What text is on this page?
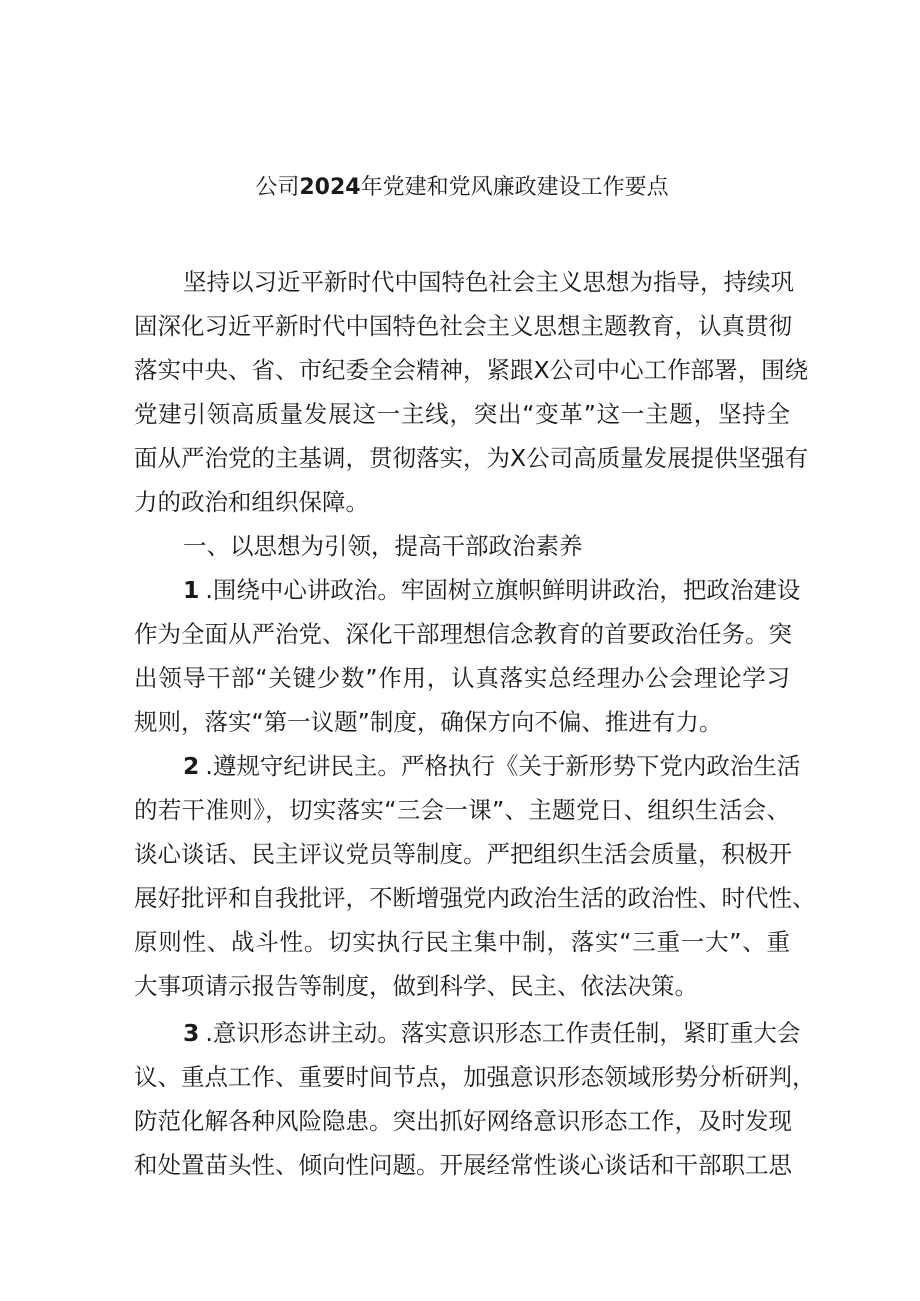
公司2024年党建和党风廉政建设工作要点
坚持以习近平新时代中国特色社会主义思想为指导，持续巩
固深化习近平新时代中国特色社会主义思想主题教育，认真贯彻
落实中央、省、市纪委全会精神，紧跟X公司中心工作部署，围绕
党建引领高质量发展这一主线，突出“变革”这一主题，坚持全
面从严治党的主基调，贯彻落实，为X公司高质量发展提供坚强有
力的政治和组织保障。
一、以思想为引领，提高干部政治素养
1 .围绕中心讲政治。牢固树立旗帜鲜明讲政治，把政治建设
作为全面从严治党、深化干部理想信念教育的首要政治任务。突
出领导干部“关键少数”作用，认真落实总经理办公会理论学习
规则，落实“第一议题”制度，确保方向不偏、推进有力。
2 .遵规守纪讲民主。严格执行《关于新形势下党内政治生活
的若干准则》，切实落实“三会一课”、主题党日、组织生活会、
谈心谈话、民主评议党员等制度。严把组织生活会质量，积极开
展好批评和自我批评，不断增强党内政治生活的政治性、时代性、
原则性、战斗性。切实执行民主集中制，落实“三重一大”、重
大事项请示报告等制度，做到科学、民主、依法决策。
3 .意识形态讲主动。落实意识形态工作责任制，紧盯重大会
议、重点工作、重要时间节点，加强意识形态领域形势分析研判，
防范化解各种风险隐患。突出抓好网络意识形态工作，及时发现
和处置苗头性、倾向性问题。开展经常性谈心谈话和干部职工思
